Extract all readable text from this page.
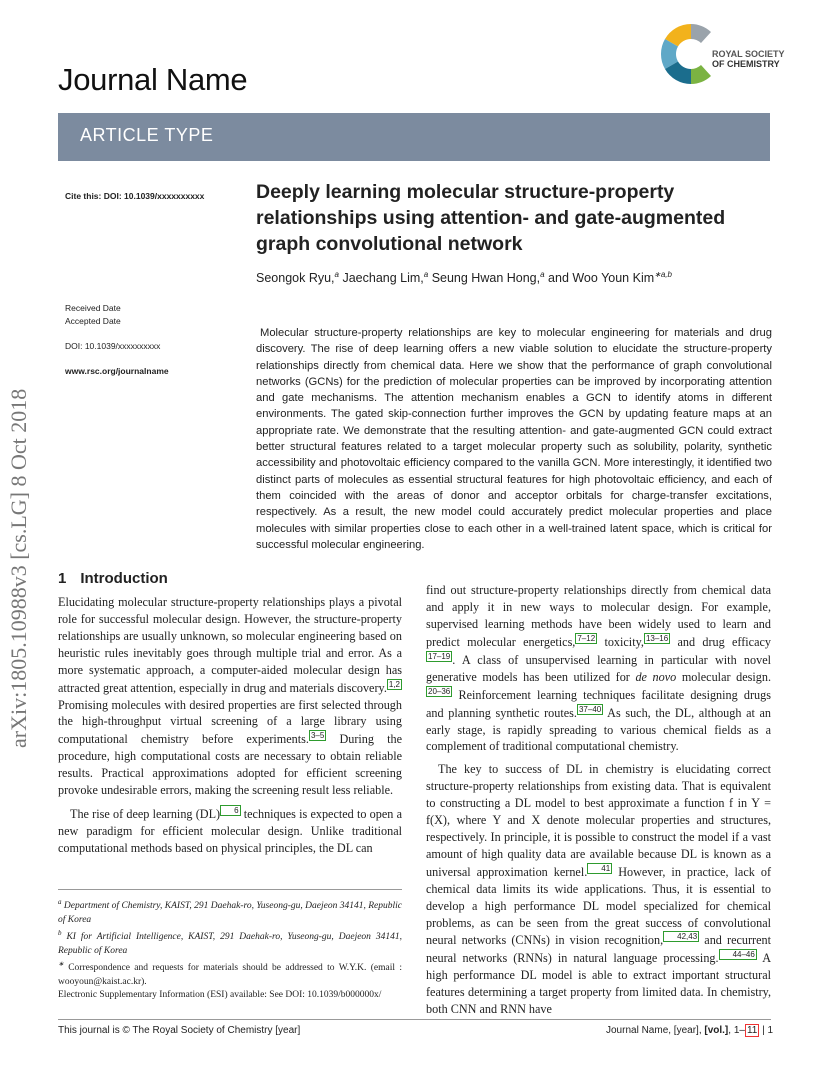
Journal Name
ROYAL SOCIETY
OF CHEMISTRY
ARTICLE TYPE
Cite this: DOI: 10.1039/xxxxxxxxxx
Received Date
Accepted Date
DOI: 10.1039/xxxxxxxxxx
www.rsc.org/journalname
arXiv:1805.10988v3 [cs.LG] 8 Oct 2018
Deeply learning molecular structure-property relationships using attention- and gate-augmented graph convolutional network
Seongok Ryu,$^a$ Jaechang Lim,$^a$ Seung Hwan Hong,$^a$ and Woo Youn Kim$^{∗a,b}$
Molecular structure-property relationships are key to molecular engineering for materials and drug discovery. The rise of deep learning offers a new viable solution to elucidate the structure-property relationships directly from chemical data. Here we show that the performance of graph convolutional networks (GCNs) for the prediction of molecular properties can be improved by incorporating attention and gate mechanisms. The attention mechanism enables a GCN to identify atoms in different environments. The gated skip-connection further improves the GCN by updating feature maps at an appropriate rate. We demonstrate that the resulting attention- and gate-augmented GCN could extract better structural features related to a target molecular property such as solubility, polarity, synthetic accessibility and photovoltaic efficiency compared to the vanilla GCN. More interestingly, it identified two distinct parts of molecules as essential structural features for high photovoltaic efficiency, and each of them coincided with the areas of donor and acceptor orbitals for charge-transfer excitations, respectively. As a result, the new model could accurately predict molecular properties and place molecules with similar properties close to each other in a well-trained latent space, which is critical for successful molecular engineering.
1 Introduction

Elucidating molecular structure-property relationships plays a pivotal role for successful molecular design. However, the structure-property relationships are usually unknown, so molecular engineering based on heuristic rules inevitably goes through multiple trial and error. As a more systematic approach, a computer-aided molecular design has attracted great attention, especially in drug and materials discovery. 1,2 Promising molecules with desired properties are first selected through the high-throughput virtual screening of a large library using computational chemistry before experiments. 3–5 During the procedure, high computational costs are necessary to obtain reliable results. Practical approximations adopted for efficient screening provoke undesirable errors, making the screening result less reliable.

The rise of deep learning (DL) 6 techniques is expected to open a new paradigm for efficient molecular design. Unlike traditional computational methods based on physical principles, the DL can

find out structure-property relationships directly from chemical data and apply it in new ways to molecular design. For example, supervised learning methods have been widely used to learn and predict molecular energetics, 7–12 toxicity, 13–16 and drug efficacy17–19 . A class of unsupervised learning in particular with novel generative models has been utilized for de novo molecular design.20–36 Reinforcement learning techniques facilitate designing drugs and planning synthetic routes. 37–40 As such, the DL, although at an early stage, is rapidly spreading to various chemical fields as a complement of traditional computational chemistry.

The key to success of DL in chemistry is elucidating correct structure-property relationships from existing data. That is equivalent to constructing a DL model to best approximate a function f in Y = f(X), where Y and X denote molecular properties and structures, respectively. In principle, it is possible to construct the model if a vast amount of high quality data are available because DL is known as a universal approximation kernel. 41 However, in practice, lack of chemical data limits its wide applications. Thus, it is essential to develop a high performance DL model specialized for chemical problems, as can be seen from the great success of convolutional neural networks (CNNs) in vision recognition, 42,43 and recurrent neural networks (RNNs) in natural language processing. 44–46 A high performance DL model is able to extract important structural features determining a target property from limited data. In chemistry, both CNN and RNN have

$^a$ Department of Chemistry, KAIST, 291 Daehak-ro, Yuseong-gu, Daejeon 34141, Republic of Korea
$^b$ KI for Artificial Intelligence, KAIST, 291 Daehak-ro, Yuseong-gu, Daejeon 34141, Republic of Korea
∗ Correspondence and requests for materials should be addressed to W.Y.K. (email : wooyoun@kaist.ac.kr).
Electronic Supplementary Information (ESI) available: See DOI: 10.1039/b000000x/
This journal is © The Royal Society of Chemistry [year]	Journal Name, [year], [vol.], 1– 11 | 1
